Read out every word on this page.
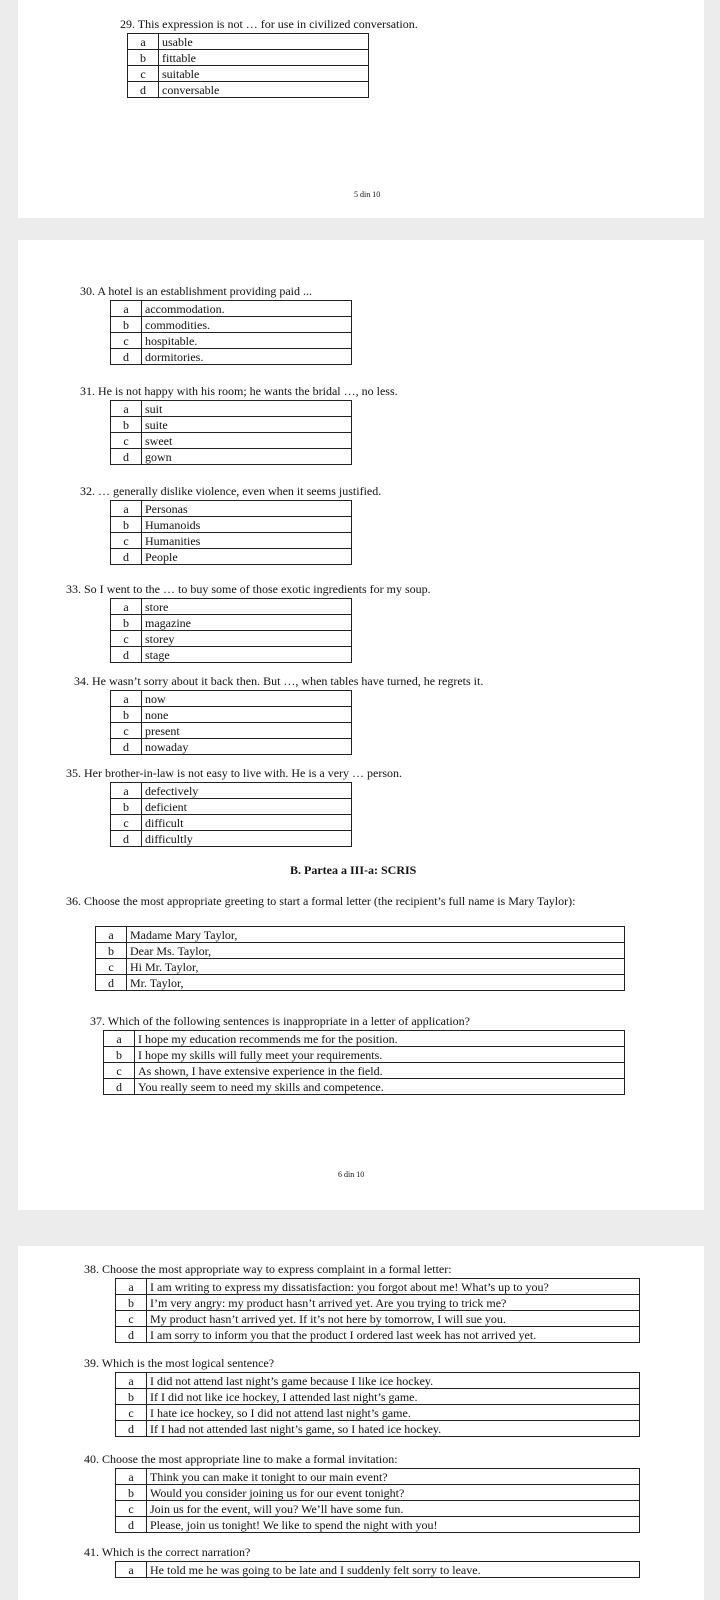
29. This expression is not … for use in civilized conversation.
a	usable
b	fittable
c	suitable
d	conversable
5 din 10
30. A hotel is an establishment providing paid ...
a	accommodation.
b	commodities.
c	hospitable.
d	dormitories.
31. He is not happy with his room; he wants the bridal …, no less.
a	suit
b	suite
c	sweet
d	gown
32. … generally dislike violence, even when it seems justified.
a	Personas
b	Humanoids
c	Humanities
d	People
33. So I went to the … to buy some of those exotic ingredients for my soup.
a	store
b	magazine
c	storey
d	stage
34. He wasn’t sorry about it back then. But …, when tables have turned, he regrets it.
a	now
b	none
c	present
d	nowaday
35. Her brother-in-law is not easy to live with. He is a very … person.
a	defectively
b	deficient
c	difficult
d	difficultly
B. Partea a III-a: SCRIS
36. Choose the most appropriate greeting to start a formal letter (the recipient’s full name is Mary Taylor):
a	Madame Mary Taylor,
b	Dear Ms. Taylor,
c	Hi Mr. Taylor,
d	Mr. Taylor,
37. Which of the following sentences is inappropriate in a letter of application?
a	I hope my education recommends me for the position.
b	I hope my skills will fully meet your requirements.
c	As shown, I have extensive experience in the field.
d	You really seem to need my skills and competence.
6 din 10
38. Choose the most appropriate way to express complaint in a formal letter:
a	I am writing to express my dissatisfaction: you forgot about me! What’s up to you?
b	I’m very angry: my product hasn’t arrived yet. Are you trying to trick me?
c	My product hasn’t arrived yet. If it’s not here by tomorrow, I will sue you.
d	I am sorry to inform you that the product I ordered last week has not arrived yet.
39. Which is the most logical sentence?
a	I did not attend last night’s game because I like ice hockey.
b	If I did not like ice hockey, I attended last night’s game.
c	I hate ice hockey, so I did not attend last night’s game.
d	If I had not attended last night’s game, so I hated ice hockey.
40. Choose the most appropriate line to make a formal invitation:
a	Think you can make it tonight to our main event?
b	Would you consider joining us for our event tonight?
c	Join us for the event, will you? We’ll have some fun.
d	Please, join us tonight! We like to spend the night with you!
41. Which is the correct narration?
a	He told me he was going to be late and I suddenly felt sorry to leave.
